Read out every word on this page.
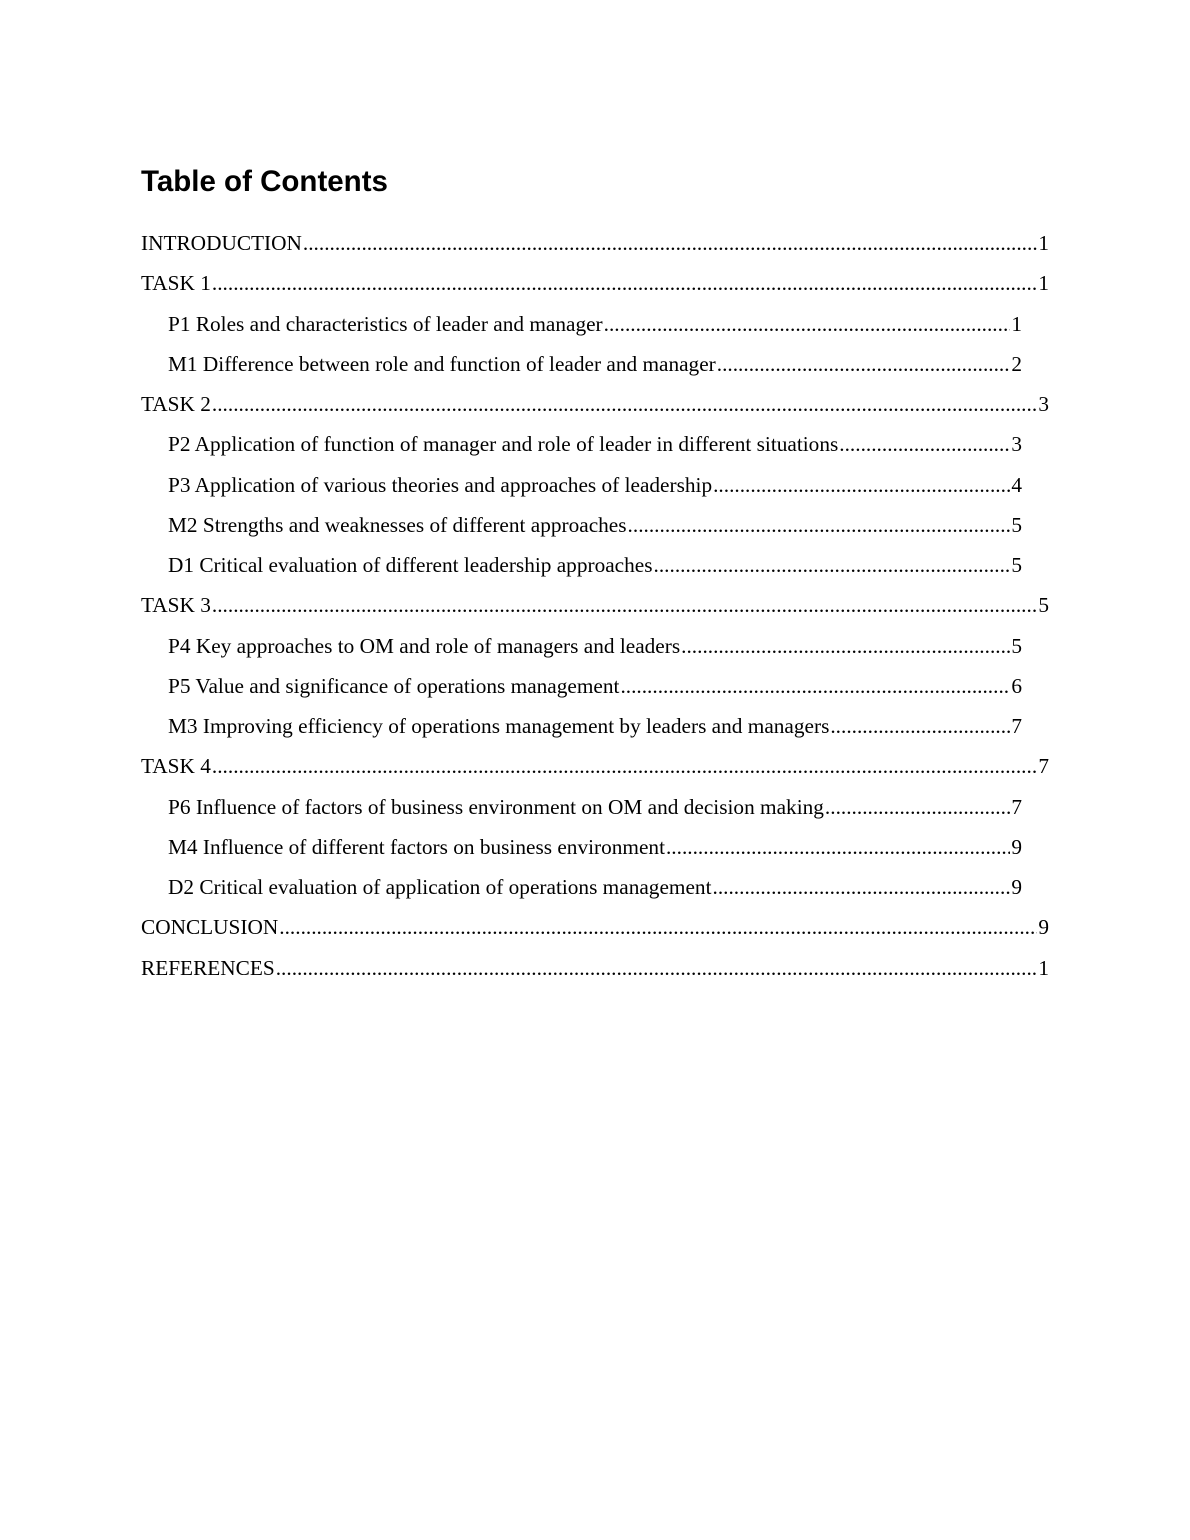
Table of Contents
INTRODUCTION .....	1
TASK 1 .....	1
P1 Roles and characteristics of leader and manager .....	1
M1 Difference between role and function of leader and manager .....	2
TASK 2 .....	3
P2 Application of function of manager and role of leader in different situations .....	3
P3 Application of various theories and approaches of leadership .....	4
M2 Strengths and weaknesses of different approaches .....	5
D1 Critical evaluation of different leadership approaches .....	5
TASK 3 .....	5
P4 Key approaches to OM and role of managers and leaders .....	5
P5 Value and significance of operations management .....	6
M3 Improving efficiency of operations management by leaders and managers .....	7
TASK 4 .....	7
P6 Influence of factors of business environment on OM and decision making .....	7
M4 Influence of different factors on business environment .....	9
D2 Critical evaluation of application of operations management .....	9
CONCLUSION .....	9
REFERENCES .....	1
